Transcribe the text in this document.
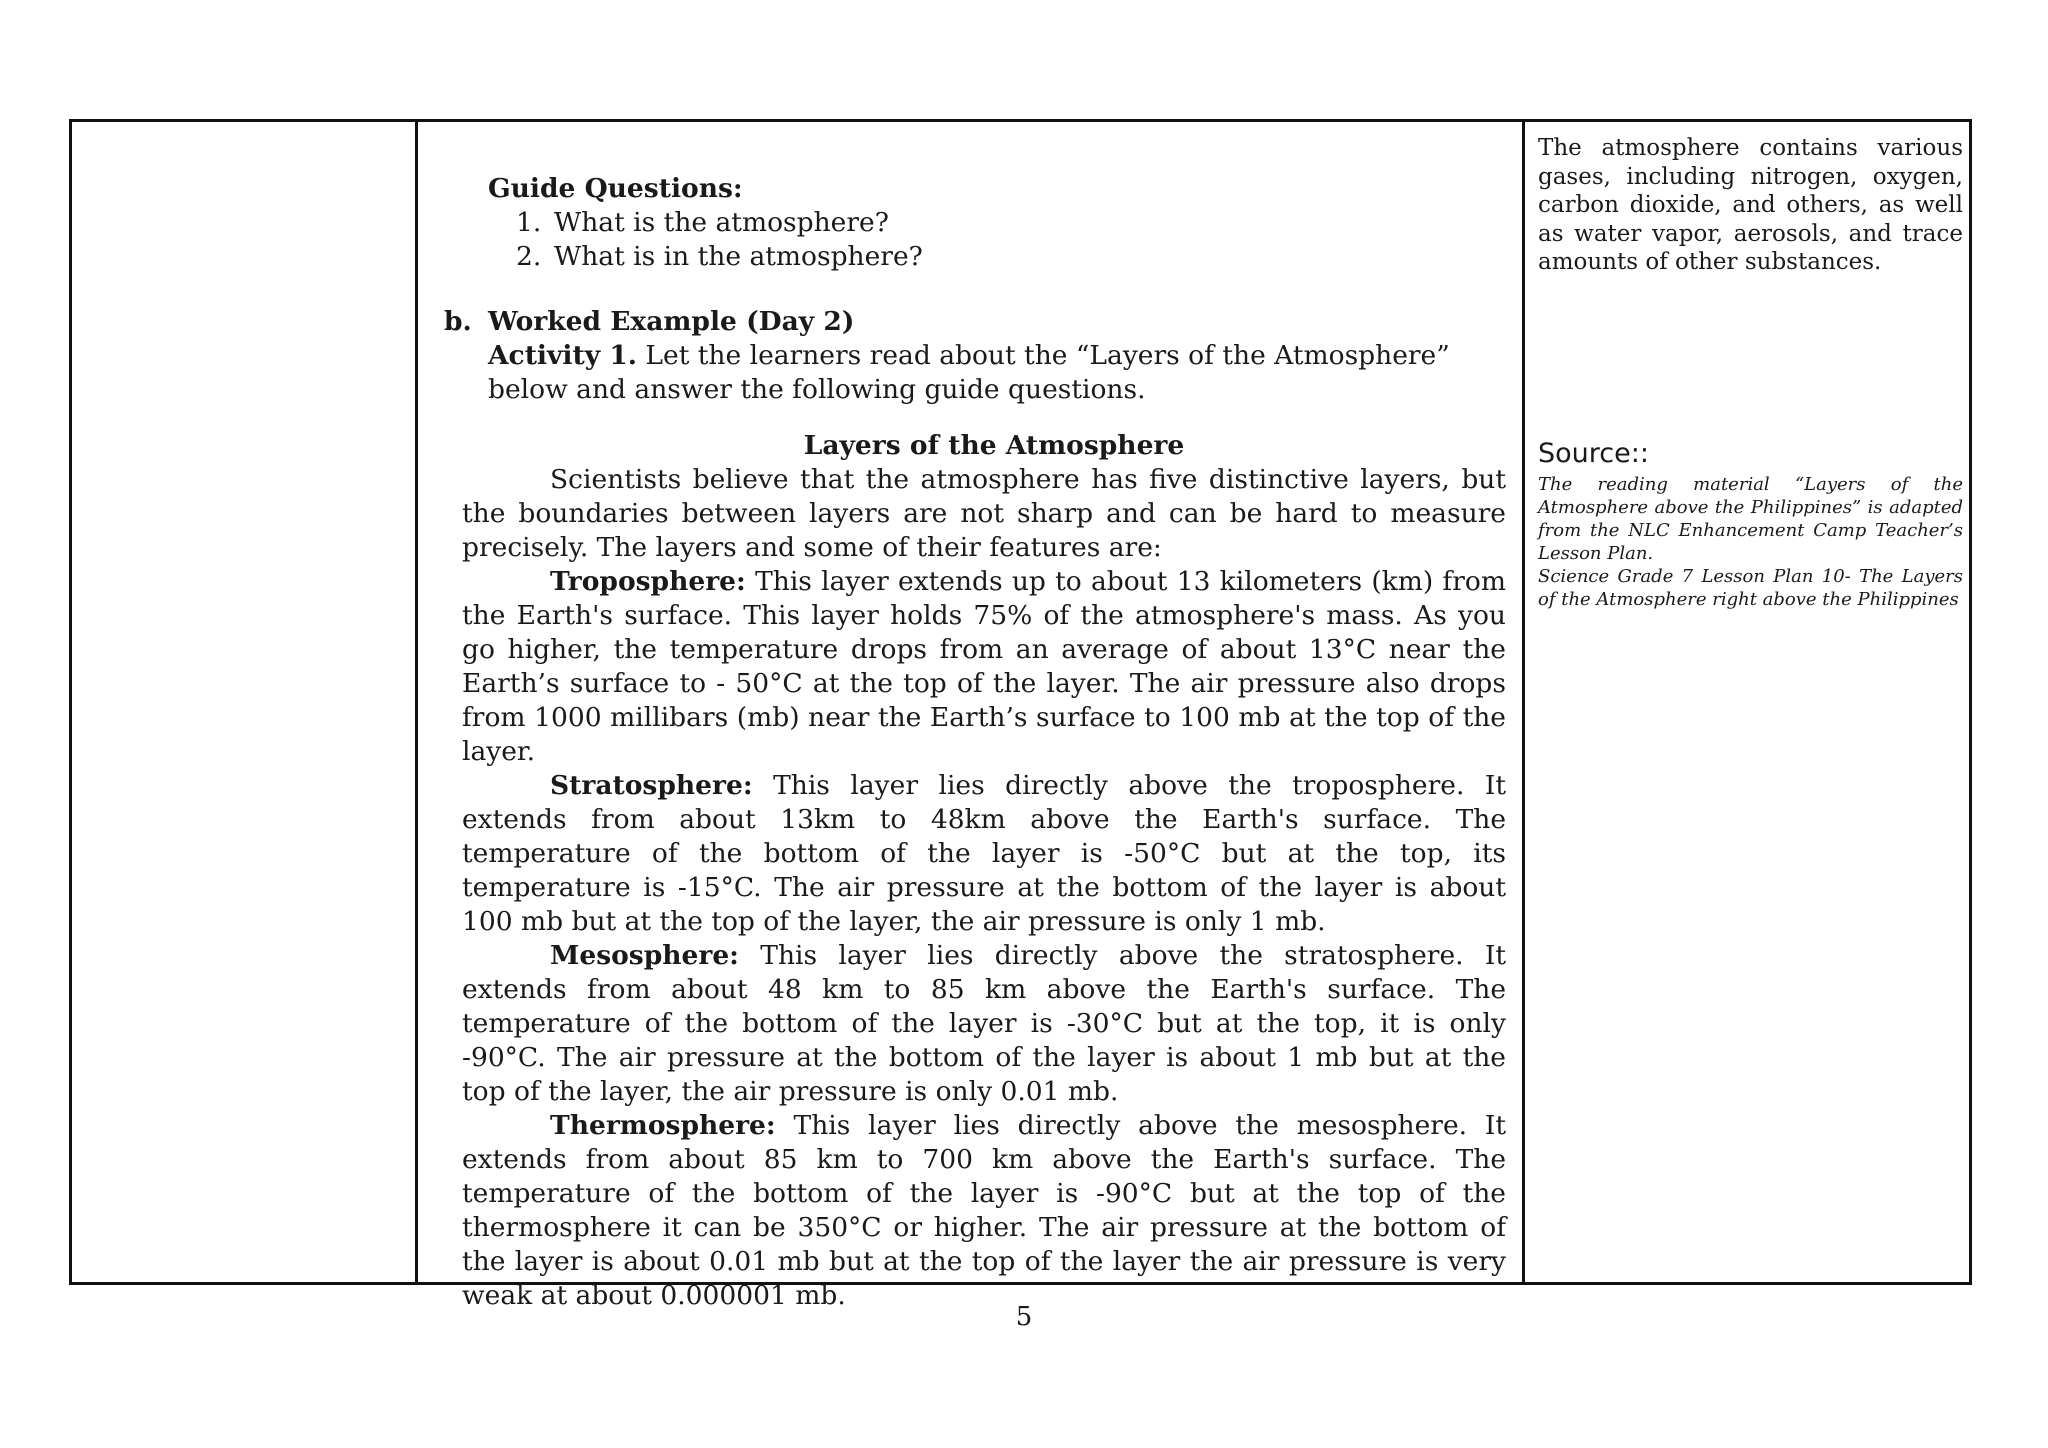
Guide Questions:
1. What is the atmosphere?
2. What is in the atmosphere?
b. Worked Example (Day 2)
Activity 1. Let the learners read about the “Layers of the Atmosphere” below and answer the following guide questions.

Layers of the Atmosphere

Scientists believe that the atmosphere has five distinctive layers, but the boundaries between layers are not sharp and can be hard to measure precisely. The layers and some of their features are:

Troposphere: This layer extends up to about 13 kilometers (km) from the Earth's surface. This layer holds 75% of the atmosphere's mass. As you go higher, the temperature drops from an average of about 13°C near the Earth’s surface to - 50°C at the top of the layer. The air pressure also drops from 1000 millibars (mb) near the Earth’s surface to 100 mb at the top of the layer.

Stratosphere: This layer lies directly above the troposphere. It extends from about 13km to 48km above the Earth's surface. The temperature of the bottom of the layer is -50°C but at the top, its temperature is -15°C. The air pressure at the bottom of the layer is about 100 mb but at the top of the layer, the air pressure is only 1 mb.

Mesosphere: This layer lies directly above the stratosphere. It extends from about 48 km to 85 km above the Earth's surface. The temperature of the bottom of the layer is -30°C but at the top, it is only -90°C. The air pressure at the bottom of the layer is about 1 mb but at the top of the layer, the air pressure is only 0.01 mb.

Thermosphere: This layer lies directly above the mesosphere. It extends from about 85 km to 700 km above the Earth's surface. The temperature of the bottom of the layer is -90°C but at the top of the thermosphere it can be 350°C or higher. The air pressure at the bottom of the layer is about 0.01 mb but at the top of the layer the air pressure is very weak at about 0.000001 mb.

The atmosphere contains various gases, including nitrogen, oxygen, carbon dioxide, and others, as well as water vapor, aerosols, and trace amounts of other substances.

Source::

The reading material “Layers of the Atmosphere above the Philippines” is adapted from the NLC Enhancement Camp Teacher’s Lesson Plan.

Science Grade 7 Lesson Plan 10- The Layers of the Atmosphere right above the Philippines

5
